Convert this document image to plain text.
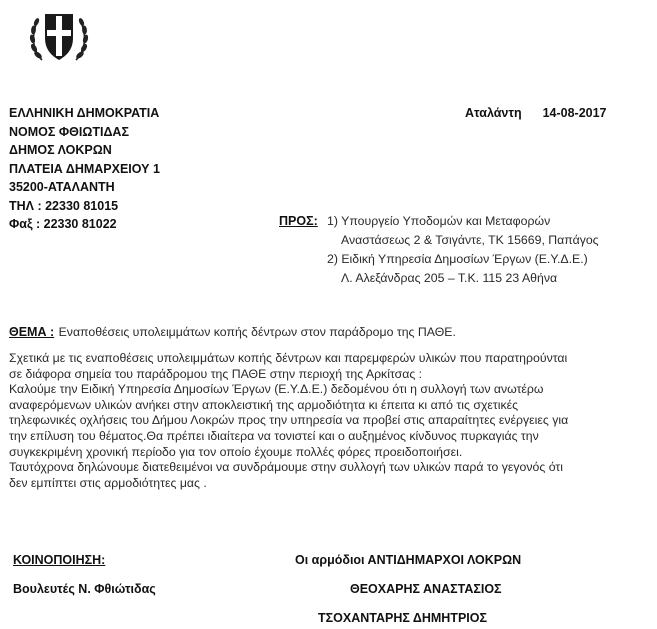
ΕΛΛΗΝΙΚΗ ΔΗΜΟΚΡΑΤΙΑ
ΝΟΜΟΣ ΦΘΙΩΤΙΔΑΣ
ΔΗΜΟΣ ΛΟΚΡΩΝ
ΠΛΑΤΕΙΑ ΔΗΜΑΡΧΕΙΟΥ 1
35200-ΑΤΑΛΑΝΤΗ
ΤΗΛ : 22330 81015
Φαξ : 22330 81022
Αταλάντη 14-08-2017
ΠΡΟΣ: 1) Υπουργείο Υποδομών και Μεταφορών
Αναστάσεως 2 & Τσιγάντε, ΤΚ 15669, Παπάγος
2) Ειδική Υπηρεσία Δημοσίων Έργων (Ε.Υ.Δ.Ε.)
Λ. Αλεξάνδρας 205 – Τ.Κ. 115 23 Αθήνα
ΘΕΜΑ : Εναποθέσεις υπολειμμάτων κοπής δέντρων στον παράδρομο της ΠΑΘΕ.
Σχετικά με τις εναποθέσεις υπολειμμάτων κοπής δέντρων και παρεμφερών υλικών που παρατηρούνται
σε διάφορα σημεία του παράδρομου της ΠΑΘΕ στην περιοχή της Αρκίτσας :
Καλούμε την Ειδική Υπηρεσία Δημοσίων Έργων (Ε.Υ.Δ.Ε.) δεδομένου ότι η συλλογή των ανωτέρω
αναφερόμενων υλικών ανήκει στην αποκλειστική της αρμοδιότητα κι έπειτα κι από τις σχετικές
τηλεφωνικές οχλήσεις του Δήμου Λοκρών προς την υπηρεσία να προβεί στις απαραίτητες ενέργειες για
την επίλυση του θέματος.Θα πρέπει ιδιαίτερα να τονιστεί και ο αυξημένος κίνδυνος πυρκαγιάς την
συγκεκριμένη χρονική περίοδο για τον οποίο έχουμε πολλές φόρες προειδοποιήσει.
Ταυτόχρονα δηλώνουμε διατεθειμένοι να συνδράμουμε στην συλλογή των υλικών παρά το γεγονός ότι
δεν εμπίπτει στις αρμοδιότητες μας .
ΚΟΙΝΟΠΟΙΗΣΗ:
Βουλευτές Ν. Φθιώτιδας
Οι αρμόδιοι ΑΝΤΙΔΗΜΑΡΧΟΙ ΛΟΚΡΩΝ
ΘΕΟΧΑΡΗΣ ΑΝΑΣΤΑΣΙΟΣ
ΤΣΟΧΑΝΤΑΡΗΣ ΔΗΜΗΤΡΙΟΣ
